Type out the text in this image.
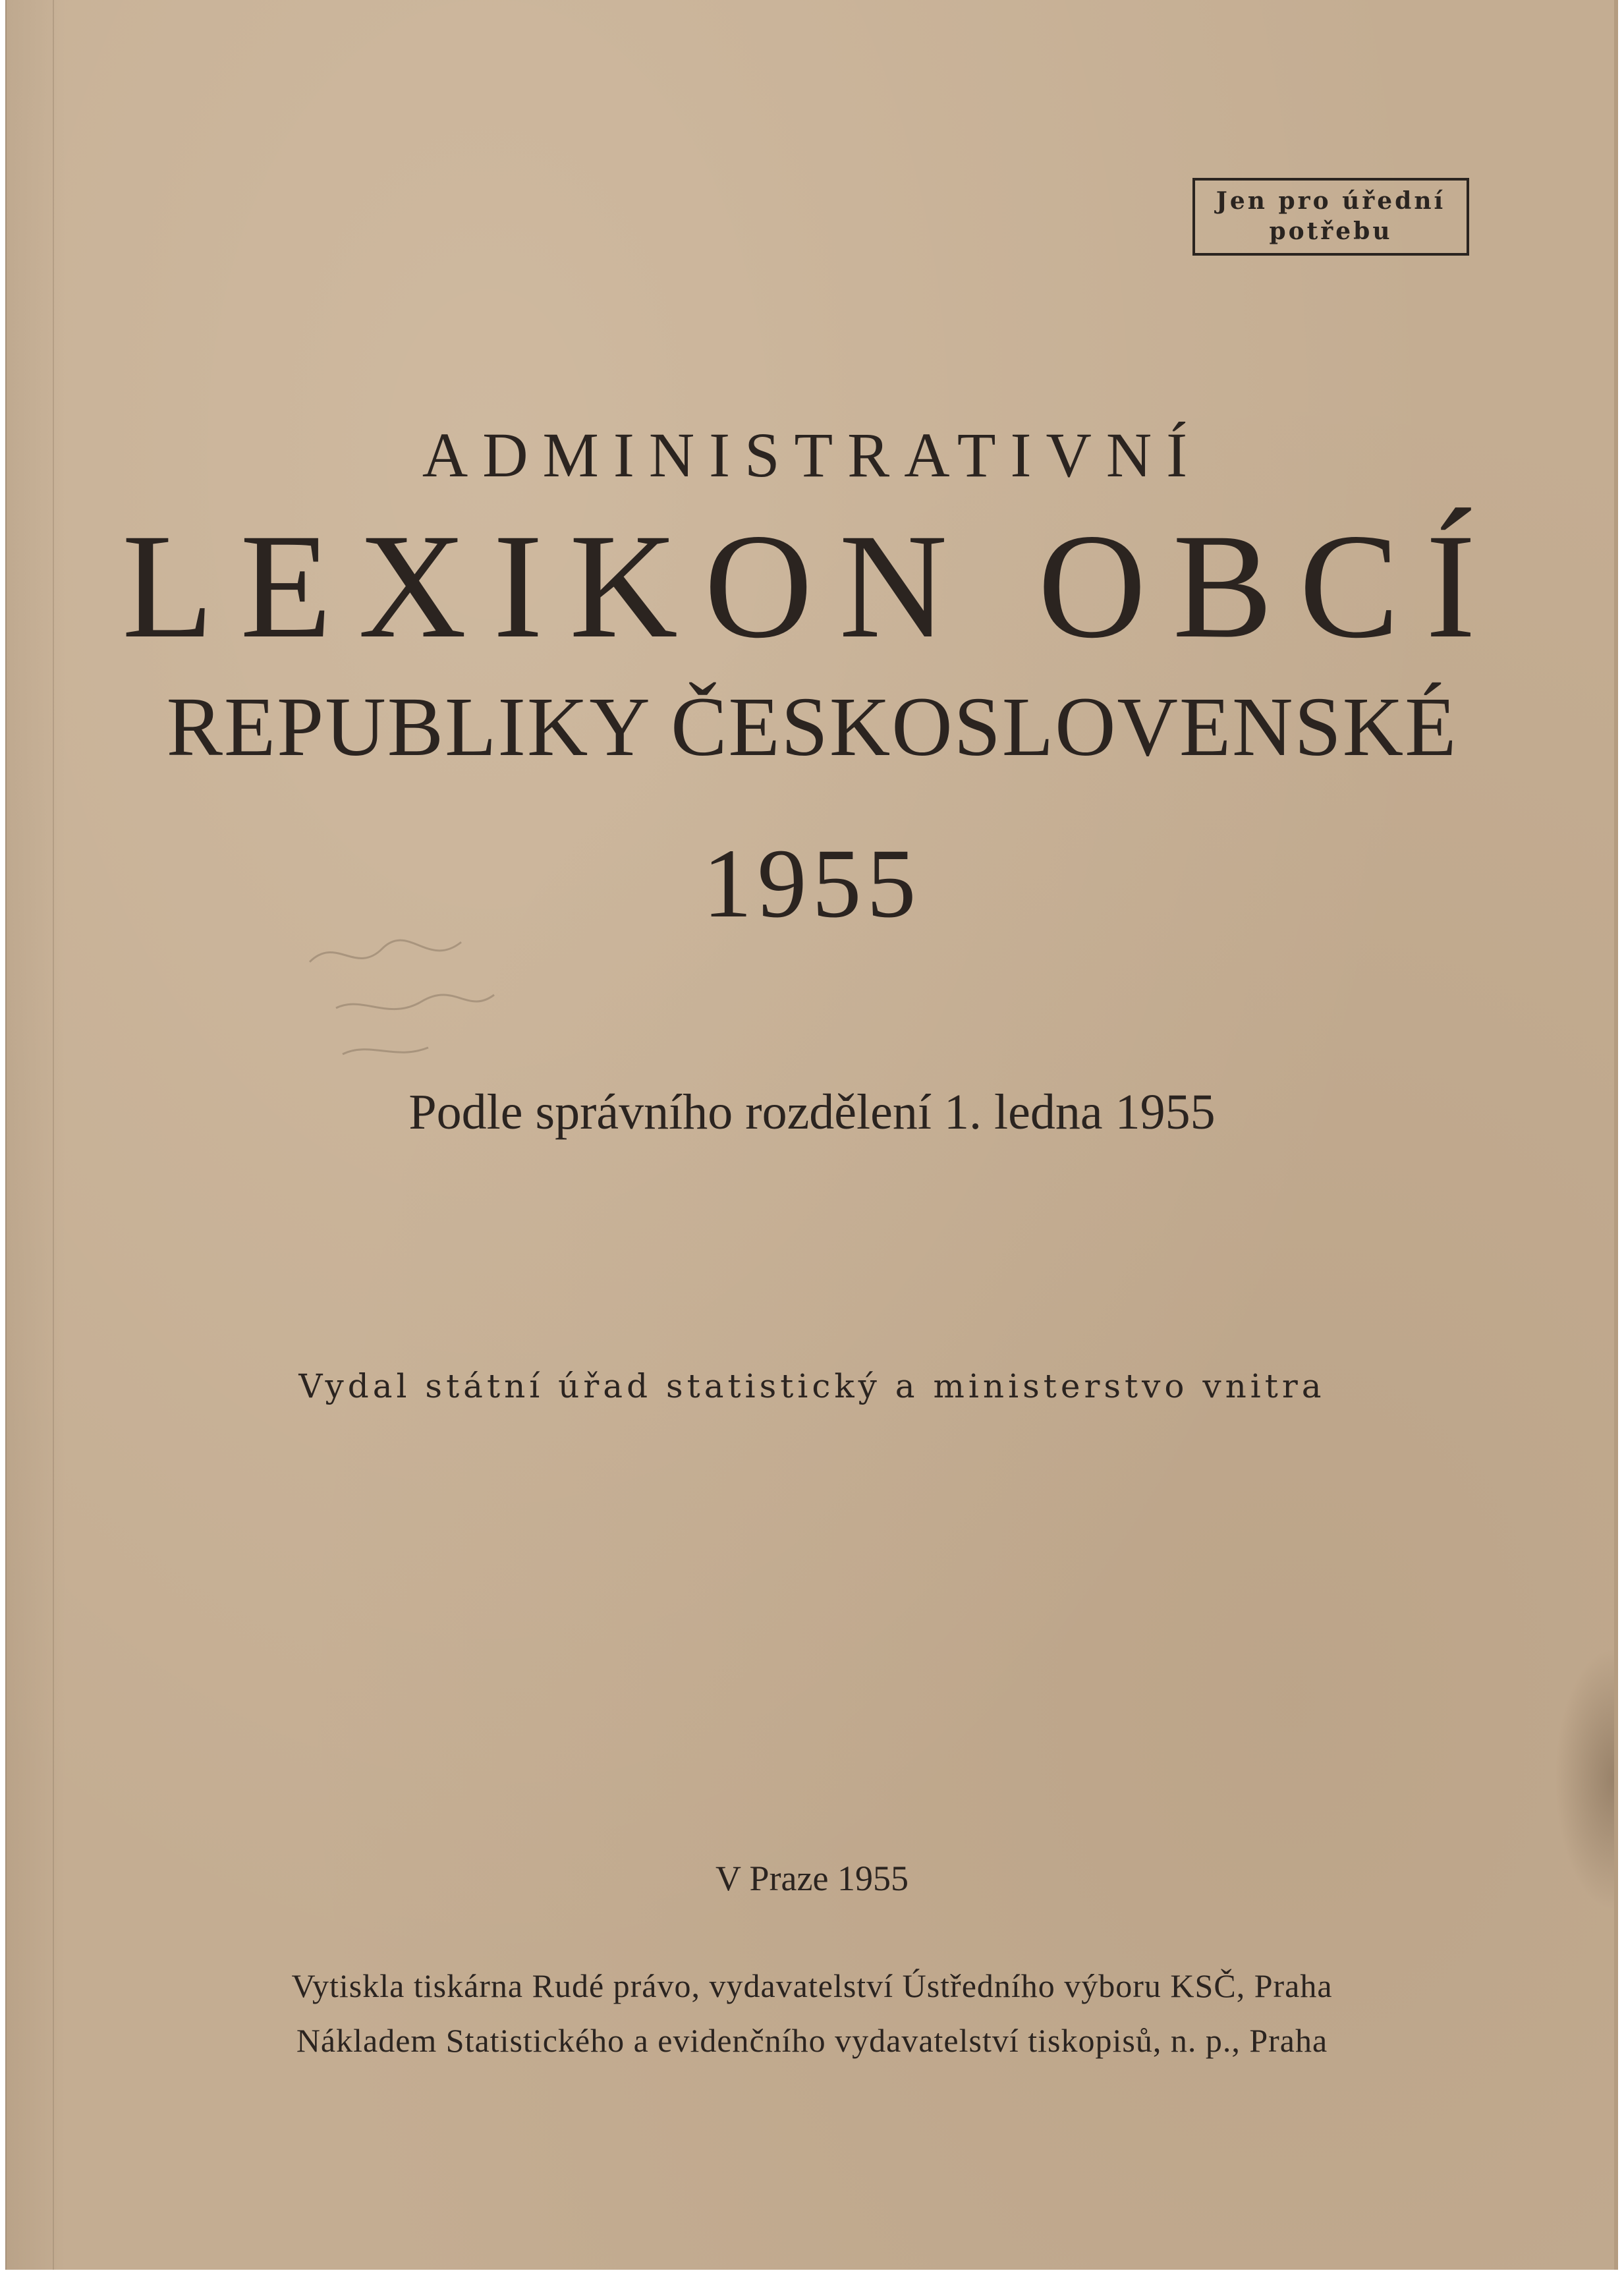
Jen pro úřední
potřebu
ADMINISTRATIVNÍ
LEXIKON OBCÍ
REPUBLIKY ČESKOSLOVENSKÉ
1955
Podle správního rozdělení 1. ledna 1955
Vydal státní úřad statistický a ministerstvo vnitra
V Praze 1955
Vytiskla tiskárna Rudé právo, vydavatelství Ústředního výboru KSČ, Praha
Nákladem Statistického a evidenčního vydavatelství tiskopisů, n. p., Praha
